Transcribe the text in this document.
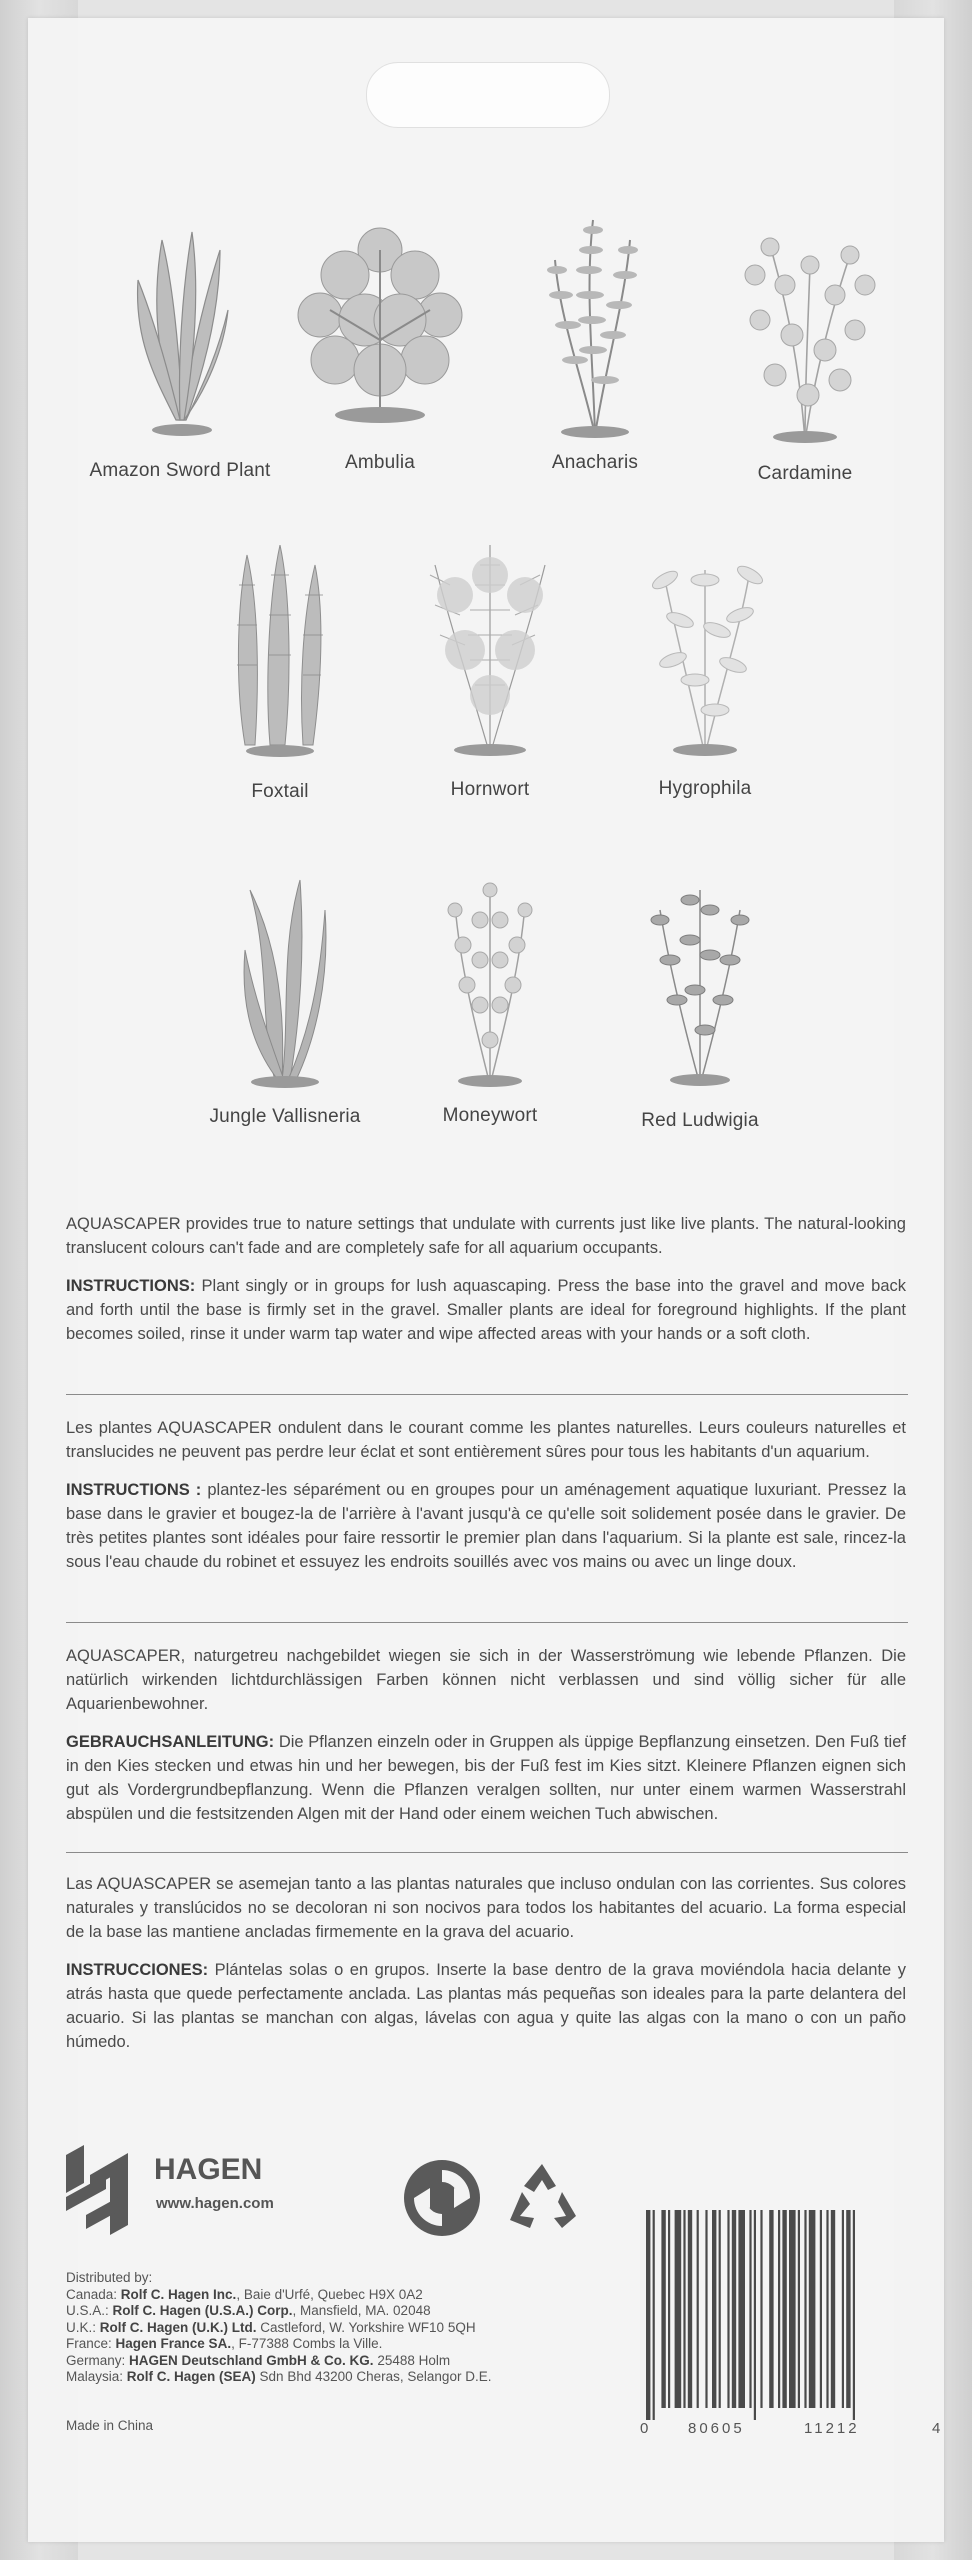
Amazon Sword Plant	Ambulia	Anacharis
Cardamine
Foxtail	Hornwort	Hygrophila
Jungle Vallisneria	Moneywort	Red Ludwigia

AQUASCAPER provides true to nature settings that undulate with currents just like live plants. The natural-looking translucent colours can't fade and are completely safe for all aquarium occupants.

INSTRUCTIONS: Plant singly or in groups for lush aquascaping. Press the base into the gravel and move back and forth until the base is firmly set in the gravel. Smaller plants are ideal for foreground highlights. If the plant becomes soiled, rinse it under warm tap water and wipe affected areas with your hands or a soft cloth.

Les plantes AQUASCAPER ondulent dans le courant comme les plantes naturelles. Leurs couleurs naturelles et translucides ne peuvent pas perdre leur éclat et sont entièrement sûres pour tous les habitants d'un aquarium.

INSTRUCTIONS : plantez-les séparément ou en groupes pour un aménagement aquatique luxuriant. Pressez la base dans le gravier et bougez-la de l'arrière à l'avant jusqu'à ce qu'elle soit solidement posée dans le gravier. De très petites plantes sont idéales pour faire ressortir le premier plan dans l'aquarium. Si la plante est sale, rincez-la sous l'eau chaude du robinet et essuyez les endroits souillés avec vos mains ou avec un linge doux.

AQUASCAPER, naturgetreu nachgebildet wiegen sie sich in der Wasserströmung wie lebende Pflanzen. Die natürlich wirkenden lichtdurchlässigen Farben können nicht verblassen und sind völlig sicher für alle Aquarienbewohner.

GEBRAUCHSANLEITUNG: Die Pflanzen einzeln oder in Gruppen als üppige Bepflanzung einsetzen. Den Fuß tief in den Kies stecken und etwas hin und her bewegen, bis der Fuß fest im Kies sitzt. Kleinere Pflanzen eignen sich gut als Vordergrundbepflanzung. Wenn die Pflanzen veralgen sollten, nur unter einem warmen Wasserstrahl abspülen und die festsitzenden Algen mit der Hand oder einem weichen Tuch abwischen.

Las AQUASCAPER se asemejan tanto a las plantas naturales que incluso ondulan con las corrientes. Sus colores naturales y translúcidos no se decoloran ni son nocivos para todos los habitantes del acuario. La forma especial de la base las mantiene ancladas firmemente en la grava del acuario.

INSTRUCCIONES: Plántelas solas o en grupos. Inserte la base dentro de la grava moviéndola hacia delante y atrás hasta que quede perfectamente anclada. Las plantas más pequeñas son ideales para la parte delantera del acuario. Si las plantas se manchan con algas, lávelas con agua y quite las algas con la mano o con un paño húmedo.

HAGEN
www.hagen.com
Distributed by:
Canada: Rolf C. Hagen Inc., Baie d'Urfé, Quebec H9X 0A2
U.S.A.: Rolf C. Hagen (U.S.A.) Corp., Mansfield, MA. 02048
U.K.: Rolf C. Hagen (U.K.) Ltd. Castleford, W. Yorkshire WF10 5QH
France: Hagen France SA., F-77388 Combs la Ville.
Germany: HAGEN Deutschland GmbH & Co. KG. 25488 Holm
Malaysia: Rolf C. Hagen (SEA) Sdn Bhd 43200 Cheras, Selangor D.E.
Made in China	0	80605	11212	4
